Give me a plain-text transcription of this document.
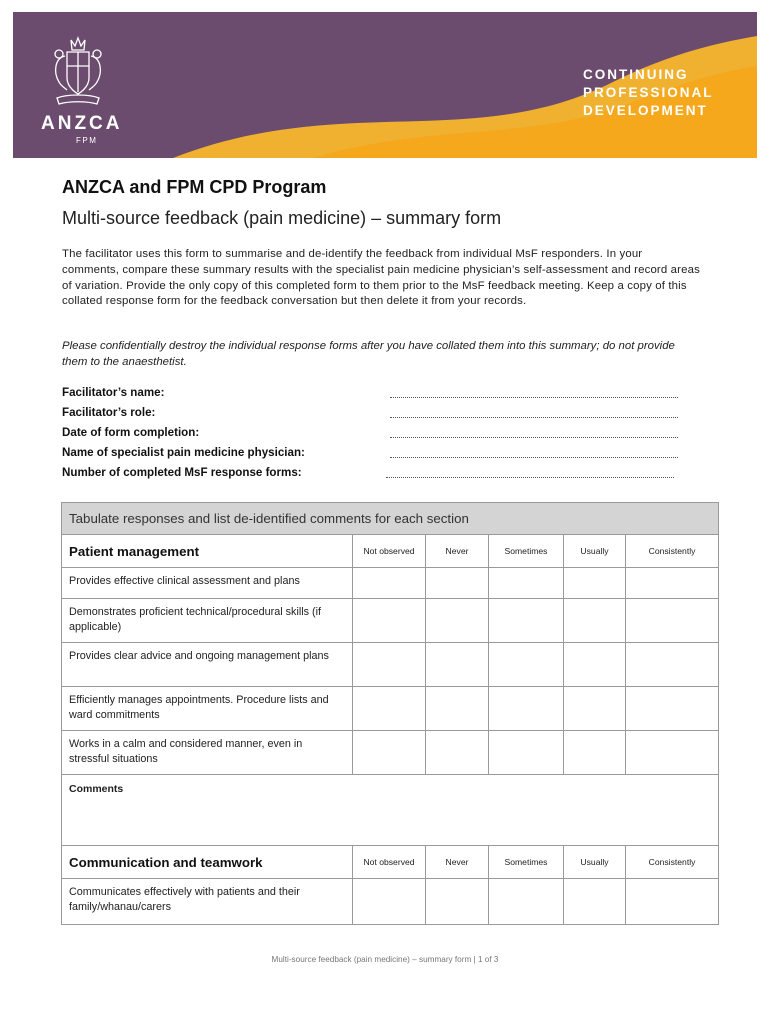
ANZCA
FPM
CONTINUING
PROFESSIONAL
DEVELOPMENT
ANZCA and FPM CPD Program
Multi-source feedback (pain medicine) – summary form

The facilitator uses this form to summarise and de-identify the feedback from individual MsF responders. In your comments, compare these summary results with the specialist pain medicine physician’s self-assessment and record areas of variation. Provide the only copy of this completed form to them prior to the MsF feedback meeting. Keep a copy of this collated response form for the feedback conversation but then delete it from your records.

Please confidentially destroy the individual response forms after you have collated them into this summary; do not provide them to the anaesthetist.

Facilitator’s name:
Facilitator’s role:
Date of form completion:
Name of specialist pain medicine physician:
Number of completed MsF response forms:
Tabulate responses and list de-identified comments for each section					
Patient management	Not observed	Never	Sometimes	Usually	Consistently
Provides effective clinical assessment and plans					
Demonstrates proficient technical/procedural skills (if applicable)					
Provides clear advice and ongoing management plans					
Efficiently manages appointments. Procedure lists and ward commitments					
Works in a calm and considered manner, even in stressful situations					
Comments					
Communication and teamwork	Not observed	Never	Sometimes	Usually	Consistently
Communicates effectively with patients and their family/whanau/carers					
Multi-source feedback (pain medicine) – summary form | 1 of 3
